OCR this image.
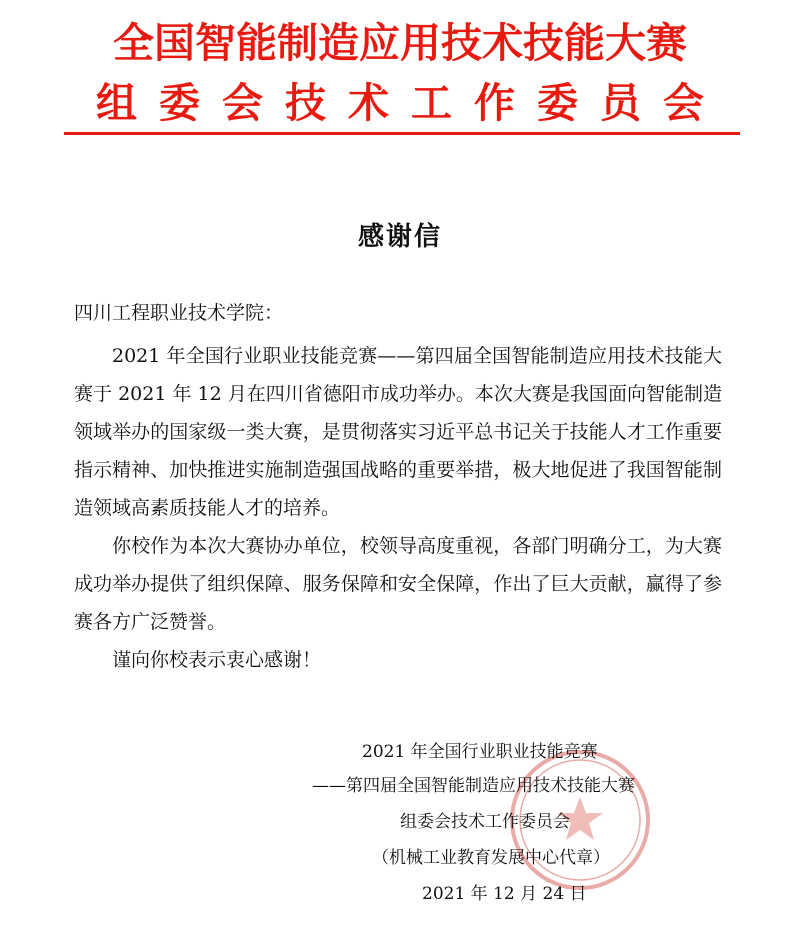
全国智能制造应用技术技能大赛
组委会技术工作委员会
感谢信
四川工程职业技术学院：

2021 年全国行业职业技能竞赛——第四届全国智能制造应用技术技能大赛于 2021 年 12 月在四川省德阳市成功举办。本次大赛是我国面向智能制造领域举办的国家级一类大赛，是贯彻落实习近平总书记关于技能人才工作重要指示精神、加快推进实施制造强国战略的重要举措，极大地促进了我国智能制造领域高素质技能人才的培养。

你校作为本次大赛协办单位，校领导高度重视，各部门明确分工，为大赛成功举办提供了组织保障、服务保障和安全保障，作出了巨大贡献，赢得了参赛各方广泛赞誉。

谨向你校表示衷心感谢！

2021 年全国行业职业技能竞赛
——第四届全国智能制造应用技术技能大赛
组委会技术工作委员会
（机械工业教育发展中心代章）
2021 年 12 月 24 日
